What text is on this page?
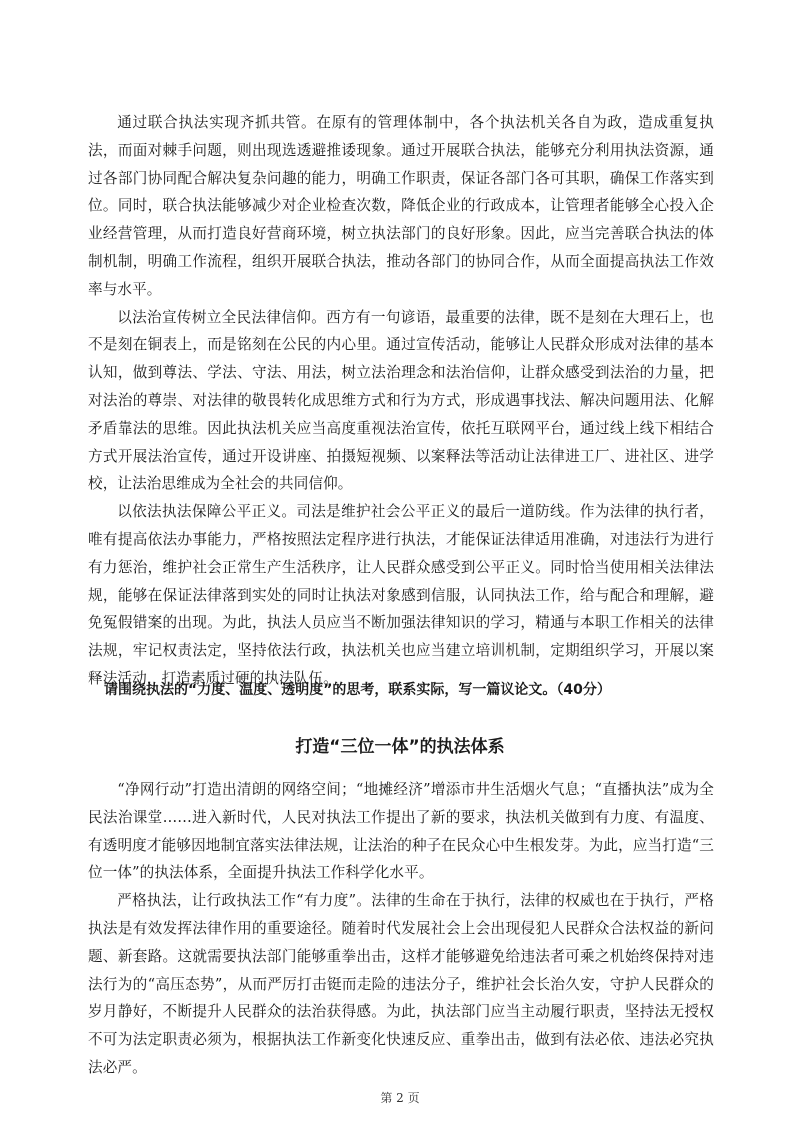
通过联合执法实现齐抓共管。在原有的管理体制中，各个执法机关各自为政，造成重复执法，而面对棘手问题，则出现选透避推诿现象。通过开展联合执法，能够充分利用执法资源，通过各部门协同配合解决复杂问趣的能力，明确工作职责，保证各部门各可其职，确保工作落实到位。同时，联合执法能够减少对企业检查次数，降低企业的行政成本，让管理者能够全心投入企业经营管理，从而打造良好营商环境，树立执法部门的良好形象。因此，应当完善联合执法的体制机制，明确工作流程，组织开展联合执法，推动各部门的协同合作，从而全面提高执法工作效率与水平。

以法治宣传树立全民法律信仰。西方有一句谚语，最重要的法律，既不是刻在大理石上，也不是刻在铜表上，而是铭刻在公民的内心里。通过宣传活动，能够让人民群众形成对法律的基本认知，做到尊法、学法、守法、用法，树立法治理念和法治信仰，让群众感受到法治的力量，把对法治的尊崇、对法律的敬畏转化成思维方式和行为方式，形成遇事找法、解决问题用法、化解矛盾靠法的思维。因此执法机关应当高度重视法治宣传，依托互联网平台，通过线上线下相结合方式开展法治宣传，通过开设讲座、拍摄短视频、以案释法等活动让法律进工厂、进社区、进学校，让法治思维成为全社会的共同信仰。

以依法执法保障公平正义。司法是维护社会公平正义的最后一道防线。作为法律的执行者，唯有提高依法办事能力，严格按照法定程序进行执法，才能保证法律适用准确，对违法行为进行有力惩治，维护社会正常生产生活秩序，让人民群众感受到公平正义。同时恰当使用相关法律法规，能够在保证法律落到实处的同时让执法对象感到信服，认同执法工作，给与配合和理解，避免冤假错案的出现。为此，执法人员应当不断加强法律知识的学习，精通与本职工作相关的法律法规，牢记权责法定，坚持依法行政，执法机关也应当建立培训机制，定期组织学习，开展以案释法活动，打造素质过硬的执法队伍。

请围绕执法的“力度、温度、透明度”的思考，联系实际，写一篇议论文。（40分）

打造“三位一体”的执法体系

“净网行动”打造出清朗的网络空间；“地摊经济”增添市井生活烟火气息；“直播执法”成为全民法治课堂……进入新时代，人民对执法工作提出了新的要求，执法机关做到有力度、有温度、有透明度才能够因地制宜落实法律法规，让法治的种子在民众心中生根发芽。为此，应当打造“三位一体”的执法体系，全面提升执法工作科学化水平。

严格执法，让行政执法工作“有力度”。法律的生命在于执行，法律的权威也在于执行，严格执法是有效发挥法律作用的重要途径。随着时代发展社会上会出现侵犯人民群众合法权益的新问题、新套路。这就需要执法部门能够重拳出击，这样才能够避免给违法者可乘之机始终保持对违法行为的“高压态势”，从而严厉打击铤而走险的违法分子，维护社会长治久安，守护人民群众的岁月静好，不断提升人民群众的法治获得感。为此，执法部门应当主动履行职责，坚持法无授权不可为法定职责必须为，根据执法工作新变化快速反应、重拳出击，做到有法必依、违法必究执法必严。

第 2 页
